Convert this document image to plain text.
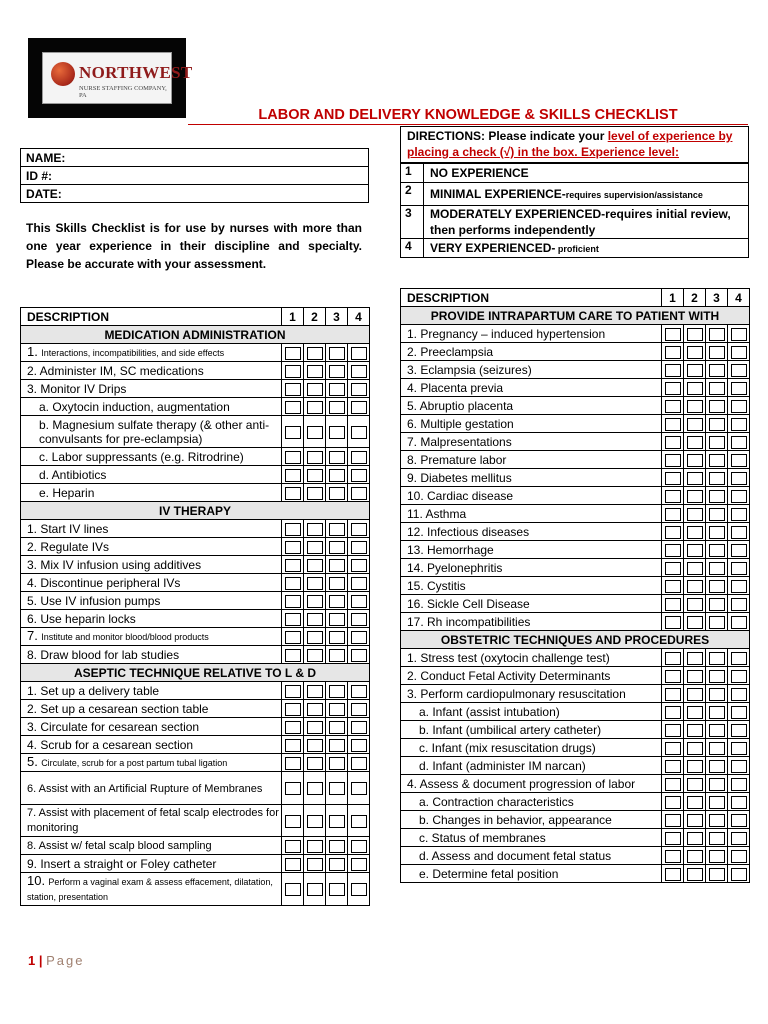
NORTHWEST
NURSE STAFFING COMPANY, PA
LABOR AND DELIVERY KNOWLEDGE & SKILLS CHECKLIST
DIRECTIONS: Please indicate your level of experience by placing a check (√) in the box. Experience level:
1	NO EXPERIENCE
2	MINIMAL EXPERIENCE-requires supervision/assistance
3	MODERATELY EXPERIENCED-requires initial review, then performs independently
4	VERY EXPERIENCED- proficient
NAME:
ID #:
DATE:
This Skills Checklist is for use by nurses with more than one year experience in their discipline and specialty. Please be accurate with your assessment.
DESCRIPTION	1	2	3	4
MEDICATION ADMINISTRATION				
1. Interactions, incompatibilities, and side effects				
2. Administer IM, SC medications				
3. Monitor IV Drips				
a. Oxytocin induction, augmentation				
b. Magnesium sulfate therapy (& other anti-convulsants for pre-eclampsia)				
c. Labor suppressants (e.g. Ritrodrine)				
d. Antibiotics				
e. Heparin				
IV THERAPY				
1. Start IV lines				
2. Regulate IVs				
3. Mix IV infusion using additives				
4. Discontinue peripheral IVs				
5. Use IV infusion pumps				
6. Use heparin locks				
7. Institute and monitor blood/blood products				
8. Draw blood for lab studies				
ASEPTIC TECHNIQUE RELATIVE TO L & D				
1. Set up a delivery table				
2. Set up a cesarean section table				
3. Circulate for cesarean section				
4. Scrub for a cesarean section				
5. Circulate, scrub for a post partum tubal ligation				
6. Assist with an Artificial Rupture of Membranes				
7. Assist with placement of fetal scalp electrodes for monitoring				
8. Assist w/ fetal scalp blood sampling				
9. Insert a straight or Foley catheter				
10. Perform a vaginal exam & assess effacement, dilatation, station, presentation				
DESCRIPTION	1	2	3	4
PROVIDE INTRAPARTUM CARE TO PATIENT WITH				
1. Pregnancy – induced hypertension				
2. Preeclampsia				
3. Eclampsia (seizures)				
4. Placenta previa				
5. Abruptio placenta				
6. Multiple gestation				
7. Malpresentations				
8. Premature labor				
9. Diabetes mellitus				
10. Cardiac disease				
11. Asthma				
12. Infectious diseases				
13. Hemorrhage				
14. Pyelonephritis				
15. Cystitis				
16. Sickle Cell Disease				
17. Rh incompatibilities				
OBSTETRIC TECHNIQUES AND PROCEDURES				
1. Stress test (oxytocin challenge test)				
2. Conduct Fetal Activity Determinants				
3. Perform cardiopulmonary resuscitation				
a. Infant (assist intubation)				
b. Infant (umbilical artery catheter)				
c. Infant (mix resuscitation drugs)				
d. Infant (administer IM narcan)				
4. Assess & document progression of labor				
a. Contraction characteristics				
b. Changes in behavior, appearance				
c. Status of membranes				
d. Assess and document fetal status				
e. Determine fetal position				
1 | Page
